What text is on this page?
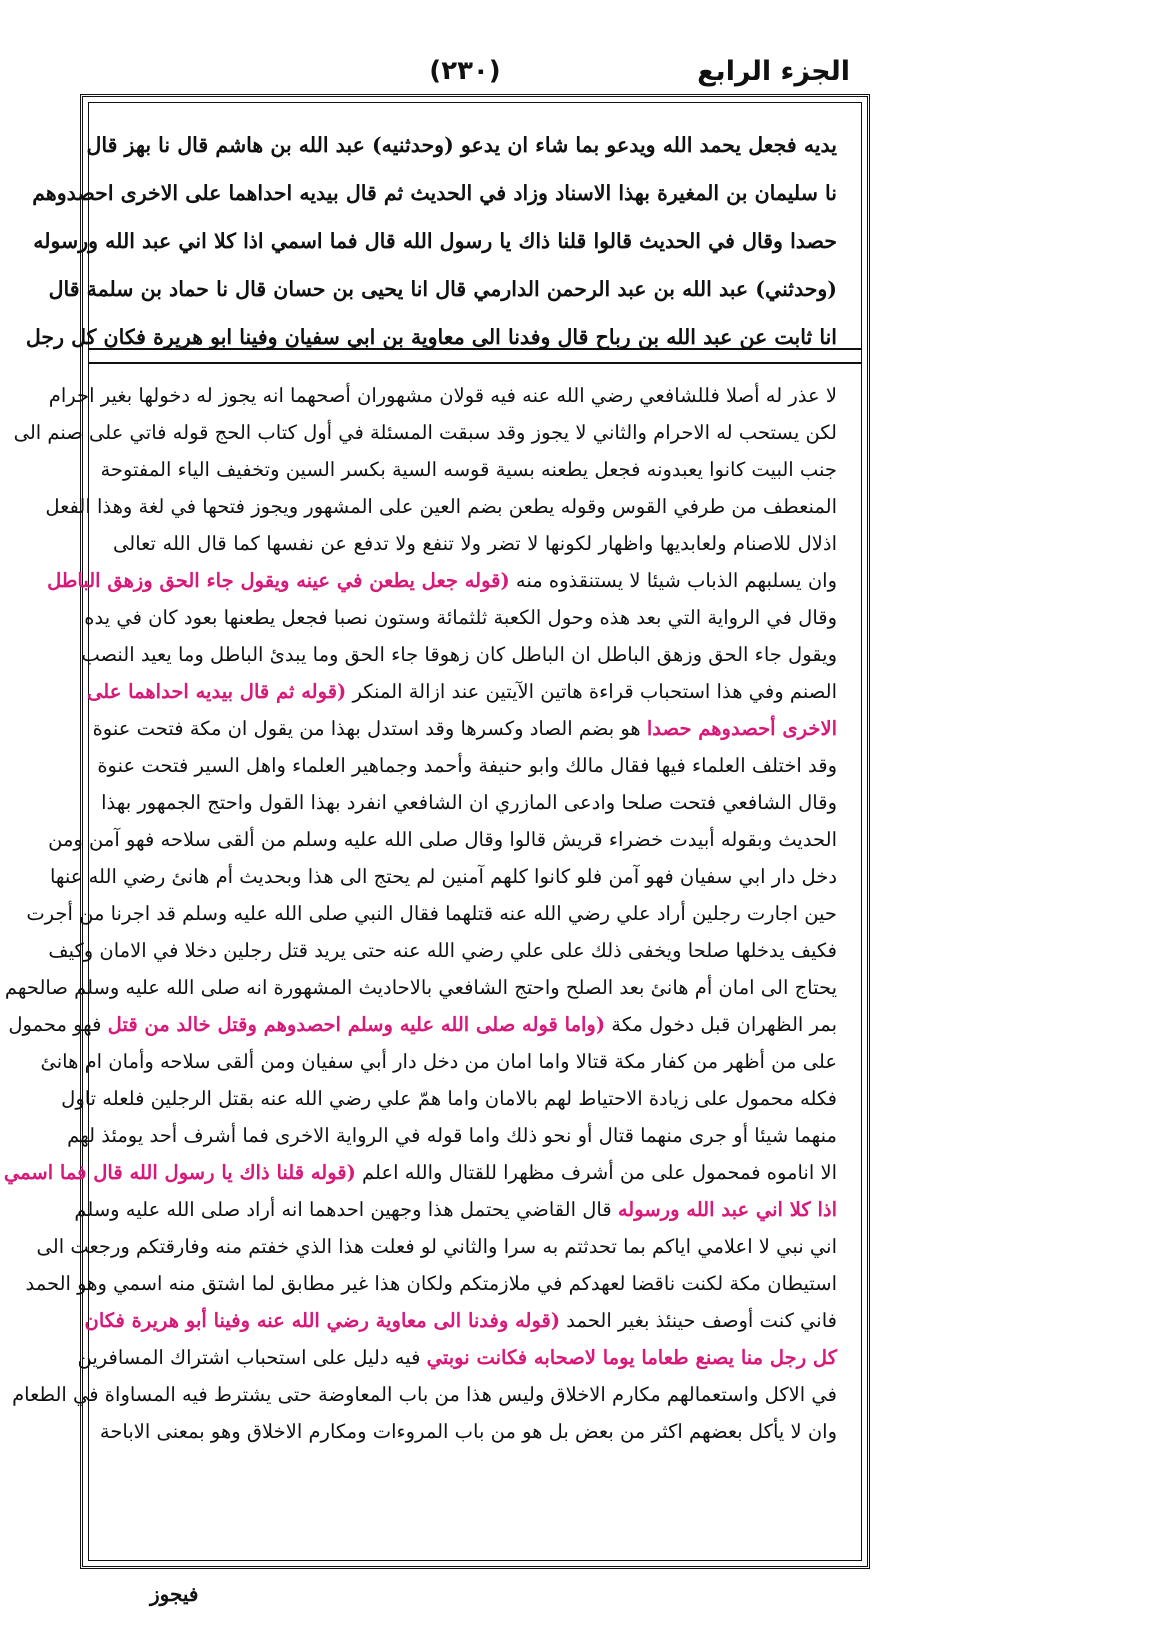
الجزء الرابع
(٢٣٠)
يديه فجعل يحمد الله ويدعو بما شاء ان يدعو (وحدثنيه) عبد الله بن هاشم قال نا بهز قال
نا سليمان بن المغيرة بهذا الاسناد وزاد في الحديث ثم قال بيديه احداهما على الاخرى احصدوهم
حصدا وقال في الحديث قالوا قلنا ذاك يا رسول الله قال فما اسمي اذا كلا اني عبد الله ورسوله
(وحدثني) عبد الله بن عبد الرحمن الدارمي قال انا يحيى بن حسان قال نا حماد بن سلمة قال
انا ثابت عن عبد الله بن رباح قال وفدنا الى معاوية بن ابي سفيان وفينا ابو هريرة فكان كل رجل
لا عذر له أصلا فللشافعي رضي الله عنه فيه قولان مشهوران أصحهما انه يجوز له دخولها بغير احرام
لكن يستحب له الاحرام والثاني لا يجوز وقد سبقت المسئلة في أول كتاب الحج قوله فاتي على صنم الى
جنب البيت كانوا يعبدونه فجعل يطعنه بسية قوسه السية بكسر السين وتخفيف الياء المفتوحة
المنعطف من طرفي القوس وقوله يطعن بضم العين على المشهور ويجوز فتحها في لغة وهذا الفعل
اذلال للاصنام ولعابديها واظهار لكونها لا تضر ولا تنفع ولا تدفع عن نفسها كما قال الله تعالى
وان يسلبهم الذباب شيئا لا يستنقذوه منه (قوله جعل يطعن في عينه ويقول جاء الحق وزهق الباطل
وقال في الرواية التي بعد هذه وحول الكعبة ثلثمائة وستون نصبا فجعل يطعنها بعود كان في يده
ويقول جاء الحق وزهق الباطل ان الباطل كان زهوقا جاء الحق وما يبدئ الباطل وما يعيد النصب
الصنم وفي هذا استحباب قراءة هاتين الآيتين عند ازالة المنكر (قوله ثم قال بيديه احداهما على
الاخرى أحصدوهم حصدا هو بضم الصاد وكسرها وقد استدل بهذا من يقول ان مكة فتحت عنوة
وقد اختلف العلماء فيها فقال مالك وابو حنيفة وأحمد وجماهير العلماء واهل السير فتحت عنوة
وقال الشافعي فتحت صلحا وادعى المازري ان الشافعي انفرد بهذا القول واحتج الجمهور بهذا
الحديث وبقوله أبيدت خضراء قريش قالوا وقال صلى الله عليه وسلم من ألقى سلاحه فهو آمن ومن
دخل دار ابي سفيان فهو آمن فلو كانوا كلهم آمنين لم يحتج الى هذا وبحديث أم هانئ رضي الله عنها
حين اجارت رجلين أراد علي رضي الله عنه قتلهما فقال النبي صلى الله عليه وسلم قد اجرنا من أجرت
فكيف يدخلها صلحا ويخفى ذلك على علي رضي الله عنه حتى يريد قتل رجلين دخلا في الامان وكيف
يحتاج الى امان أم هانئ بعد الصلح واحتج الشافعي بالاحاديث المشهورة انه صلى الله عليه وسلم صالحهم
بمر الظهران قبل دخول مكة (واما قوله صلى الله عليه وسلم احصدوهم وقتل خالد من قتل فهو محمول
على من أظهر من كفار مكة قتالا واما امان من دخل دار أبي سفيان ومن ألقى سلاحه وأمان ام هانئ
فكله محمول على زيادة الاحتياط لهم بالامان واما همّ علي رضي الله عنه بقتل الرجلين فلعله تاول
منهما شيئا أو جرى منهما قتال أو نحو ذلك واما قوله في الرواية الاخرى فما أشرف أحد يومئذ لهم
الا اناموه فمحمول على من أشرف مظهرا للقتال والله اعلم (قوله قلنا ذاك يا رسول الله قال فما اسمي
اذا كلا اني عبد الله ورسوله قال القاضي يحتمل هذا وجهين احدهما انه أراد صلى الله عليه وسلم
اني نبي لا اعلامي اياكم بما تحدثتم به سرا والثاني لو فعلت هذا الذي خفتم منه وفارقتكم ورجعت الى
استيطان مكة لكنت ناقضا لعهدكم في ملازمتكم ولكان هذا غير مطابق لما اشتق منه اسمي وهو الحمد
فاني كنت أوصف حينئذ بغير الحمد (قوله وفدنا الى معاوية رضي الله عنه وفينا أبو هريرة فكان
كل رجل منا يصنع طعاما يوما لاصحابه فكانت نوبتي فيه دليل على استحباب اشتراك المسافرين
في الاكل واستعمالهم مكارم الاخلاق وليس هذا من باب المعاوضة حتى يشترط فيه المساواة في الطعام
وان لا يأكل بعضهم اكثر من بعض بل هو من باب المروءات ومكارم الاخلاق وهو بمعنى الاباحة
فيجوز
